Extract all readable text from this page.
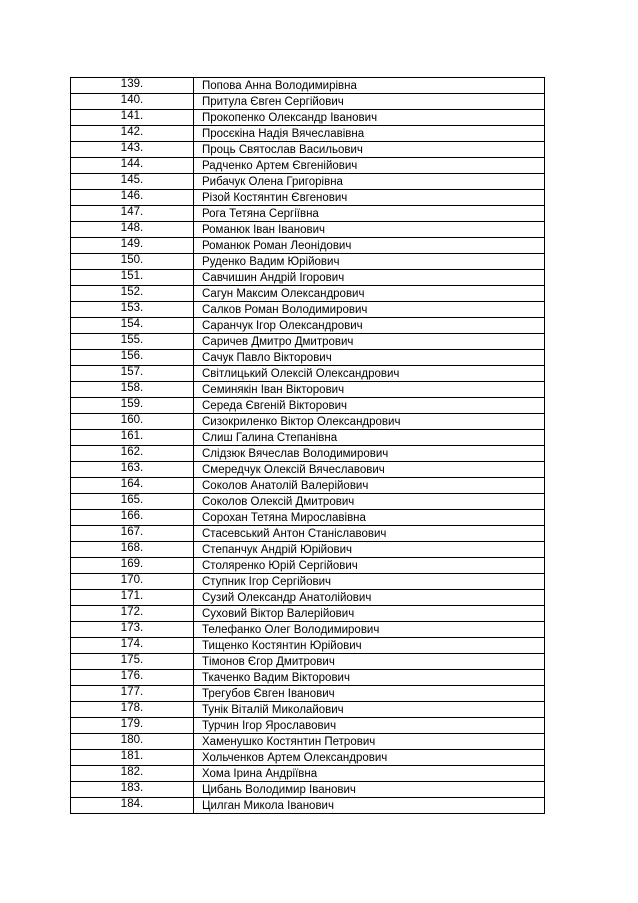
139.	Попова Анна Володимирівна
140.	Притула Євген Сергійович
141.	Прокопенко Олександр Іванович
142.	Просєкіна Надія Вячеславівна
143.	Проць Святослав Васильович
144.	Радченко Артем Євгенійович
145.	Рибачук Олена Григорівна
146.	Різой Костянтин Євгенович
147.	Рога Тетяна Сергіївна
148.	Романюк Іван Іванович
149.	Романюк Роман Леонідович
150.	Руденко Вадим Юрійович
151.	Савчишин Андрій Ігорович
152.	Сагун Максим Олександрович
153.	Салков Роман Володимирович
154.	Саранчук Ігор Олександрович
155.	Саричев Дмитро Дмитрович
156.	Сачук Павло Вікторович
157.	Світлицький Олексій Олександрович
158.	Семинякін Іван Вікторович
159.	Середа Євгеній Вікторович
160.	Сизокриленко Віктор Олександрович
161.	Слиш Галина Степанівна
162.	Слідзюк Вячеслав Володимирович
163.	Смередчук Олексій Вячеславович
164.	Соколов Анатолій Валерійович
165.	Соколов Олексій Дмитрович
166.	Сорохан Тетяна Мирославівна
167.	Стасевський Антон Станіславович
168.	Степанчук Андрій Юрійович
169.	Столяренко Юрій Сергійович
170.	Ступник Ігор Сергійович
171.	Сузий Олександр Анатолійович
172.	Суховий Віктор Валерійович
173.	Телефанко Олег Володимирович
174.	Тищенко Костянтин Юрійович
175.	Тімонов Єгор Дмитрович
176.	Ткаченко Вадим Вікторович
177.	Трегубов Євген Іванович
178.	Тунік Віталій Миколайович
179.	Турчин Ігор Ярославович
180.	Хаменушко Костянтин Петрович
181.	Хольченков Артем Олександрович
182.	Хома Ірина Андріївна
183.	Цибань Володимир Іванович
184.	Цилган Микола Іванович
